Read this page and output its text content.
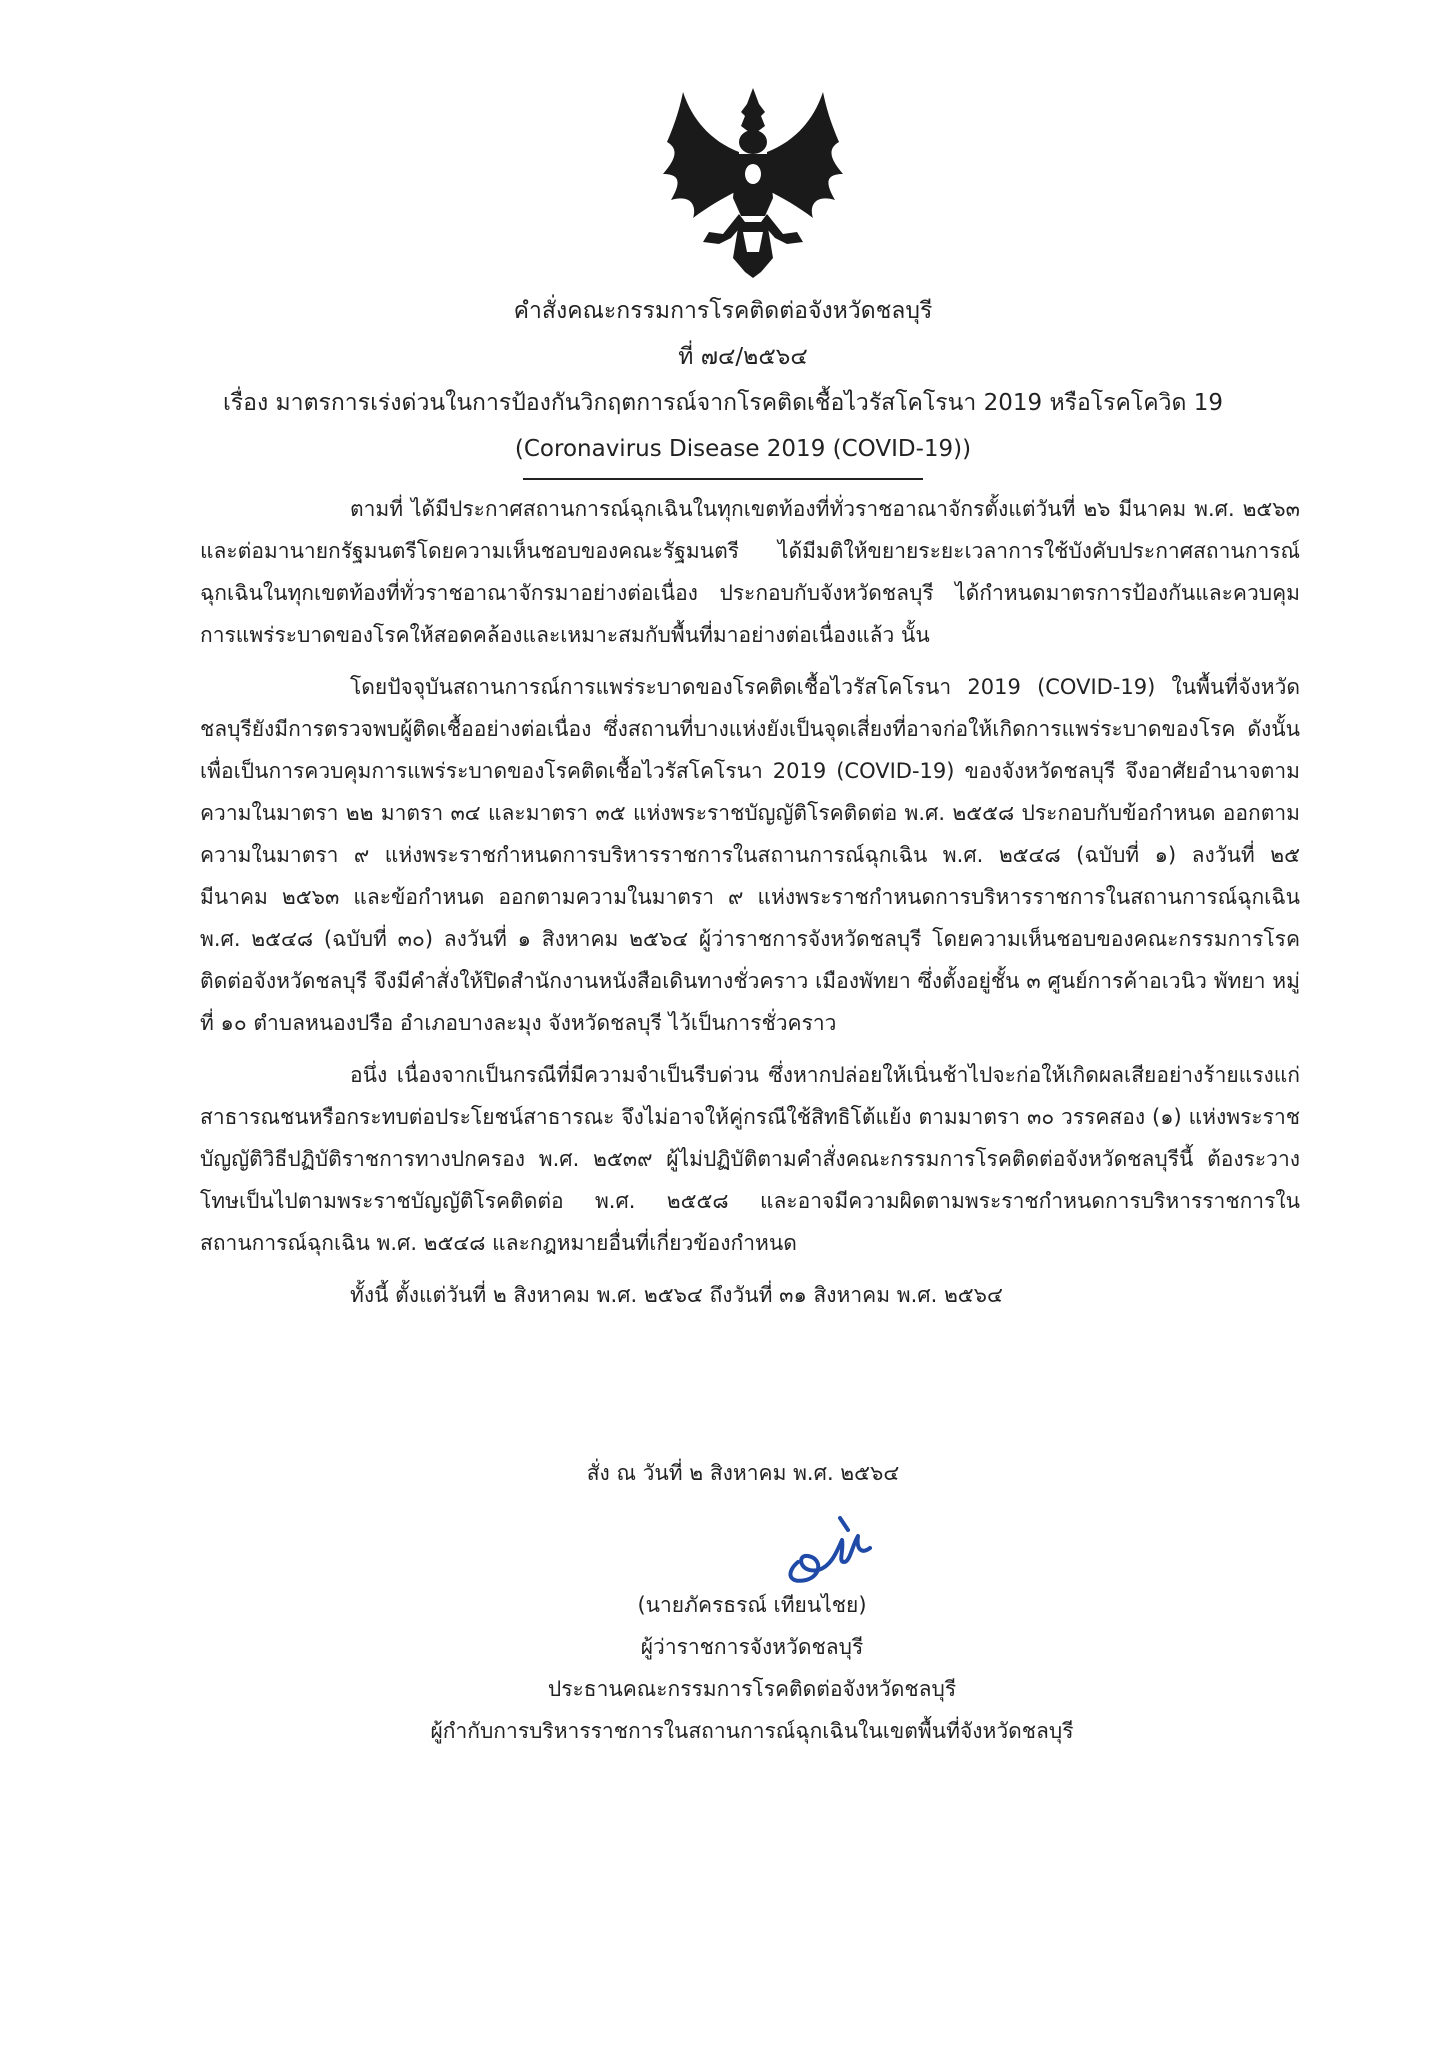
คำสั่งคณะกรรมการโรคติดต่อจังหวัดชลบุรี
ที่ ๗๔/๒๕๖๔
เรื่อง มาตรการเร่งด่วนในการป้องกันวิกฤตการณ์จากโรคติดเชื้อไวรัสโคโรนา 2019 หรือโรคโควิด 19
(Coronavirus Disease 2019 (COVID-19))

ตามที่ ได้มีประกาศสถานการณ์ฉุกเฉินในทุกเขตท้องที่ทั่วราชอาณาจักรตั้งแต่วันที่ ๒๖ มีนาคม พ.ศ. ๒๕๖๓ และต่อมานายกรัฐมนตรีโดยความเห็นชอบของคณะรัฐมนตรี ได้มีมติให้ขยายระยะเวลาการใช้บังคับประกาศสถานการณ์ฉุกเฉินในทุกเขตท้องที่ทั่วราชอาณาจักรมาอย่างต่อเนื่อง ประกอบกับจังหวัดชลบุรี ได้กำหนดมาตรการป้องกันและควบคุมการแพร่ระบาดของโรคให้สอดคล้องและเหมาะสมกับพื้นที่มาอย่างต่อเนื่องแล้ว นั้น

โดยปัจจุบันสถานการณ์การแพร่ระบาดของโรคติดเชื้อไวรัสโคโรนา 2019 (COVID-19) ในพื้นที่จังหวัดชลบุรียังมีการตรวจพบผู้ติดเชื้ออย่างต่อเนื่อง ซึ่งสถานที่บางแห่งยังเป็นจุดเสี่ยงที่อาจก่อให้เกิดการแพร่ระบาดของโรค ดังนั้น เพื่อเป็นการควบคุมการแพร่ระบาดของโรคติดเชื้อไวรัสโคโรนา 2019 (COVID-19) ของจังหวัดชลบุรี จึงอาศัยอำนาจตามความในมาตรา ๒๒ มาตรา ๓๔ และมาตรา ๓๕ แห่งพระราชบัญญัติโรคติดต่อ พ.ศ. ๒๕๕๘ ประกอบกับข้อกำหนด ออกตามความในมาตรา ๙ แห่งพระราชกำหนดการบริหารราชการในสถานการณ์ฉุกเฉิน พ.ศ. ๒๕๔๘ (ฉบับที่ ๑) ลงวันที่ ๒๕ มีนาคม ๒๕๖๓ และข้อกำหนด ออกตามความในมาตรา ๙ แห่งพระราชกำหนดการบริหารราชการในสถานการณ์ฉุกเฉิน พ.ศ. ๒๕๔๘ (ฉบับที่ ๓๐) ลงวันที่ ๑ สิงหาคม ๒๕๖๔ ผู้ว่าราชการจังหวัดชลบุรี โดยความเห็นชอบของคณะกรรมการโรคติดต่อจังหวัดชลบุรี จึงมีคำสั่งให้ปิดสำนักงานหนังสือเดินทางชั่วคราว เมืองพัทยา ซึ่งตั้งอยู่ชั้น ๓ ศูนย์การค้าอเวนิว พัทยา หมู่ที่ ๑๐ ตำบลหนองปรือ อำเภอบางละมุง จังหวัดชลบุรี ไว้เป็นการชั่วคราว

อนึ่ง เนื่องจากเป็นกรณีที่มีความจำเป็นรีบด่วน ซึ่งหากปล่อยให้เนิ่นช้าไปจะก่อให้เกิดผลเสียอย่างร้ายแรงแก่สาธารณชนหรือกระทบต่อประโยชน์สาธารณะ จึงไม่อาจให้คู่กรณีใช้สิทธิโต้แย้ง ตามมาตรา ๓๐ วรรคสอง (๑) แห่งพระราชบัญญัติวิธีปฏิบัติราชการทางปกครอง พ.ศ. ๒๕๓๙ ผู้ไม่ปฏิบัติตามคำสั่งคณะกรรมการโรคติดต่อจังหวัดชลบุรีนี้ ต้องระวางโทษเป็นไปตามพระราชบัญญัติโรคติดต่อ พ.ศ. ๒๕๕๘ และอาจมีความผิดตามพระราชกำหนดการบริหารราชการในสถานการณ์ฉุกเฉิน พ.ศ. ๒๕๔๘ และกฎหมายอื่นที่เกี่ยวข้องกำหนด

ทั้งนี้ ตั้งแต่วันที่ ๒ สิงหาคม พ.ศ. ๒๕๖๔ ถึงวันที่ ๓๑ สิงหาคม พ.ศ. ๒๕๖๔

สั่ง ณ วันที่ ๒ สิงหาคม พ.ศ. ๒๕๖๔
(นายภัครธรณ์ เทียนไชย)
ผู้ว่าราชการจังหวัดชลบุรี
ประธานคณะกรรมการโรคติดต่อจังหวัดชลบุรี
ผู้กำกับการบริหารราชการในสถานการณ์ฉุกเฉินในเขตพื้นที่จังหวัดชลบุรี
